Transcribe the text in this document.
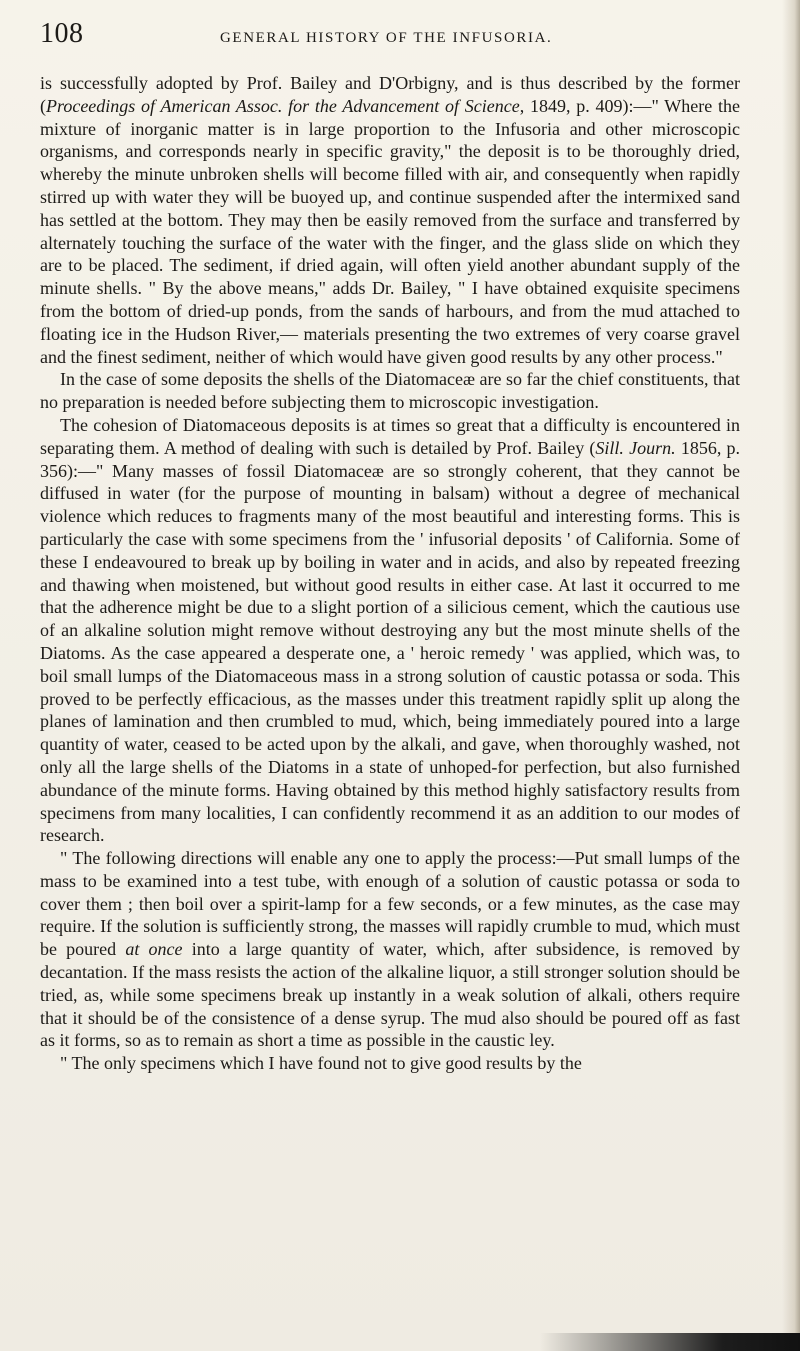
108	GENERAL HISTORY OF THE INFUSORIA.

is successfully adopted by Prof. Bailey and D'Orbigny, and is thus described by the former (Proceedings of American Assoc. for the Advancement of Science, 1849, p. 409):—" Where the mixture of inorganic matter is in large proportion to the Infusoria and other microscopic organisms, and corresponds nearly in specific gravity," the deposit is to be thoroughly dried, whereby the minute unbroken shells will become filled with air, and consequently when rapidly stirred up with water they will be buoyed up, and continue suspended after the intermixed sand has settled at the bottom. They may then be easily removed from the surface and transferred by alternately touching the surface of the water with the finger, and the glass slide on which they are to be placed. The sediment, if dried again, will often yield another abundant supply of the minute shells. " By the above means," adds Dr. Bailey, " I have obtained exquisite specimens from the bottom of dried-up ponds, from the sands of harbours, and from the mud attached to floating ice in the Hudson River,— materials presenting the two extremes of very coarse gravel and the finest sediment, neither of which would have given good results by any other process."

In the case of some deposits the shells of the Diatomaceæ are so far the chief constituents, that no preparation is needed before subjecting them to microscopic investigation.

The cohesion of Diatomaceous deposits is at times so great that a difficulty is encountered in separating them. A method of dealing with such is detailed by Prof. Bailey (Sill. Journ. 1856, p. 356):—" Many masses of fossil Diatomaceæ are so strongly coherent, that they cannot be diffused in water (for the purpose of mounting in balsam) without a degree of mechanical violence which reduces to fragments many of the most beautiful and interesting forms. This is particularly the case with some specimens from the ' infusorial deposits ' of California. Some of these I endeavoured to break up by boiling in water and in acids, and also by repeated freezing and thawing when moistened, but without good results in either case. At last it occurred to me that the adherence might be due to a slight portion of a silicious cement, which the cautious use of an alkaline solution might remove without destroying any but the most minute shells of the Diatoms. As the case appeared a desperate one, a ' heroic remedy ' was applied, which was, to boil small lumps of the Diatomaceous mass in a strong solution of caustic potassa or soda. This proved to be perfectly efficacious, as the masses under this treatment rapidly split up along the planes of lamination and then crumbled to mud, which, being immediately poured into a large quantity of water, ceased to be acted upon by the alkali, and gave, when thoroughly washed, not only all the large shells of the Diatoms in a state of unhoped-for perfection, but also furnished abundance of the minute forms. Having obtained by this method highly satisfactory results from specimens from many localities, I can confidently recommend it as an addition to our modes of research.

" The following directions will enable any one to apply the process:—Put small lumps of the mass to be examined into a test tube, with enough of a solution of caustic potassa or soda to cover them ; then boil over a spirit-lamp for a few seconds, or a few minutes, as the case may require. If the solution is sufficiently strong, the masses will rapidly crumble to mud, which must be poured at once into a large quantity of water, which, after subsidence, is removed by decantation. If the mass resists the action of the alkaline liquor, a still stronger solution should be tried, as, while some specimens break up instantly in a weak solution of alkali, others require that it should be of the consistence of a dense syrup. The mud also should be poured off as fast as it forms, so as to remain as short a time as possible in the caustic ley.

" The only specimens which I have found not to give good results by the
